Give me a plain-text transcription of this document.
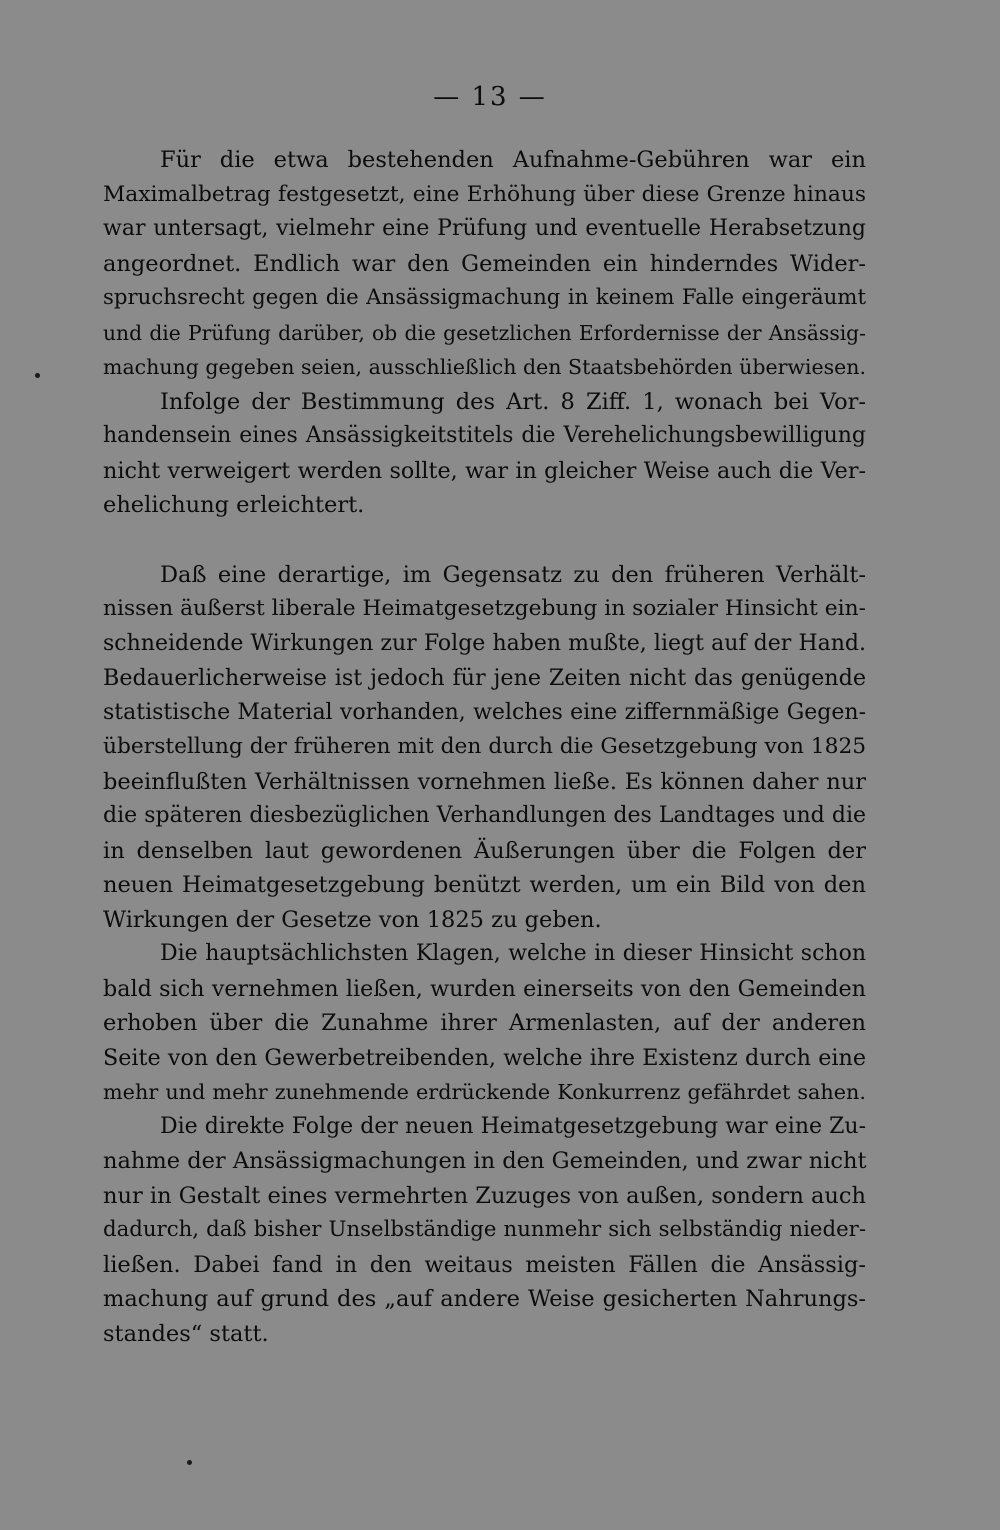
— 13 —
Für die etwa bestehenden Aufnahme-Gebühren war ein
Maximalbetrag festgesetzt, eine Erhöhung über diese Grenze hinaus
war untersagt, vielmehr eine Prüfung und eventuelle Herabsetzung
angeordnet. Endlich war den Gemeinden ein hinderndes Wider-
spruchsrecht gegen die Ansässigmachung in keinem Falle eingeräumt
und die Prüfung darüber, ob die gesetzlichen Erfordernisse der Ansässig-
machung gegeben seien, ausschließlich den Staatsbehörden überwiesen.
Infolge der Bestimmung des Art. 8 Ziff. 1, wonach bei Vor-
handensein eines Ansässigkeitstitels die Verehelichungsbewilligung
nicht verweigert werden sollte, war in gleicher Weise auch die Ver-
ehelichung erleichtert.
Daß eine derartige, im Gegensatz zu den früheren Verhält-
nissen äußerst liberale Heimatgesetzgebung in sozialer Hinsicht ein-
schneidende Wirkungen zur Folge haben mußte, liegt auf der Hand.
Bedauerlicherweise ist jedoch für jene Zeiten nicht das genügende
statistische Material vorhanden, welches eine ziffernmäßige Gegen-
überstellung der früheren mit den durch die Gesetzgebung von 1825
beeinflußten Verhältnissen vornehmen ließe. Es können daher nur
die späteren diesbezüglichen Verhandlungen des Landtages und die
in denselben laut gewordenen Äußerungen über die Folgen der
neuen Heimatgesetzgebung benützt werden, um ein Bild von den
Wirkungen der Gesetze von 1825 zu geben.
Die hauptsächlichsten Klagen, welche in dieser Hinsicht schon
bald sich vernehmen ließen, wurden einerseits von den Gemeinden
erhoben über die Zunahme ihrer Armenlasten, auf der anderen
Seite von den Gewerbetreibenden, welche ihre Existenz durch eine
mehr und mehr zunehmende erdrückende Konkurrenz gefährdet sahen.
Die direkte Folge der neuen Heimatgesetzgebung war eine Zu-
nahme der Ansässigmachungen in den Gemeinden, und zwar nicht
nur in Gestalt eines vermehrten Zuzuges von außen, sondern auch
dadurch, daß bisher Unselbständige nunmehr sich selbständig nieder-
ließen. Dabei fand in den weitaus meisten Fällen die Ansässig-
machung auf grund des „auf andere Weise gesicherten Nahrungs-
standes“ statt.
